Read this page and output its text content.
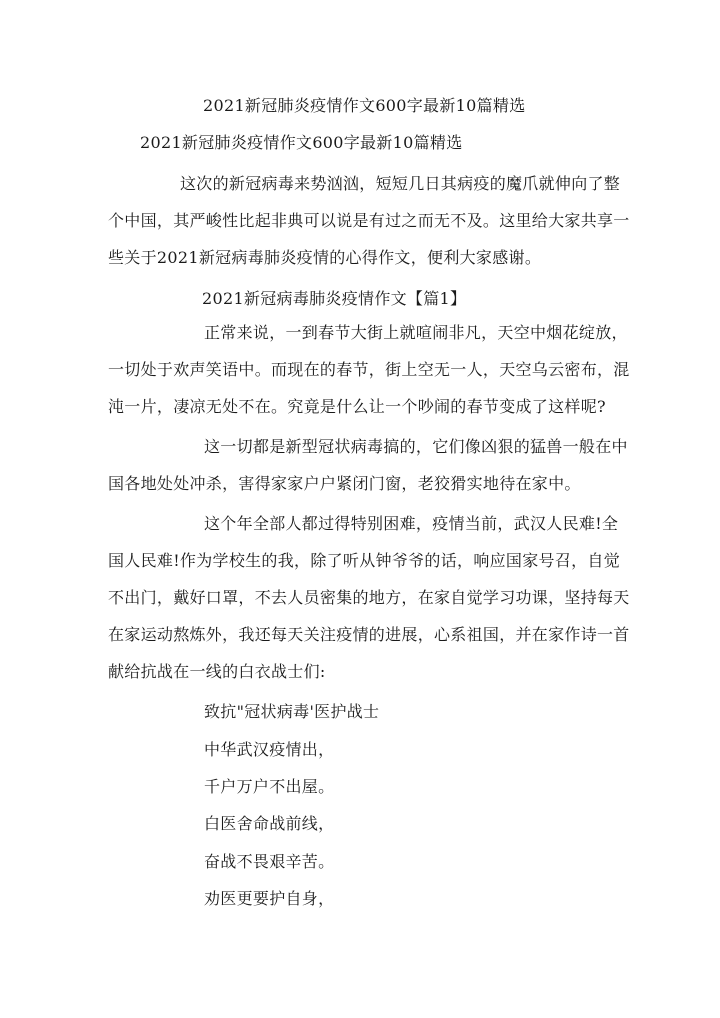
2021新冠肺炎疫情作文600字最新10篇精选
2021新冠肺炎疫情作文600字最新10篇精选
这次的新冠病毒来势汹汹，短短几日其病疫的魔爪就伸向了整
个中国，其严峻性比起非典可以说是有过之而无不及。这里给大家共享一
些关于2021新冠病毒肺炎疫情的心得作文，便利大家感谢。
2021新冠病毒肺炎疫情作文【篇1】
正常来说，一到春节大街上就喧闹非凡，天空中烟花绽放，
一切处于欢声笑语中。而现在的春节，街上空无一人，天空乌云密布，混
沌一片，凄凉无处不在。究竟是什么让一个吵闹的春节变成了这样呢?
这一切都是新型冠状病毒搞的，它们像凶狠的猛兽一般在中
国各地处处冲杀，害得家家户户紧闭门窗，老狡猾实地待在家中。
这个年全部人都过得特别困难，疫情当前，武汉人民难!全
国人民难!作为学校生的我，除了听从钟爷爷的话，响应国家号召，自觉
不出门，戴好口罩，不去人员密集的地方，在家自觉学习功课，坚持每天
在家运动熬炼外，我还每天关注疫情的进展，心系祖国，并在家作诗一首
献给抗战在一线的白衣战士们:
致抗"冠状病毒'医护战士
中华武汉疫情出，
千户万户不出屋。
白医舍命战前线，
奋战不畏艰辛苦。
劝医更要护自身，
